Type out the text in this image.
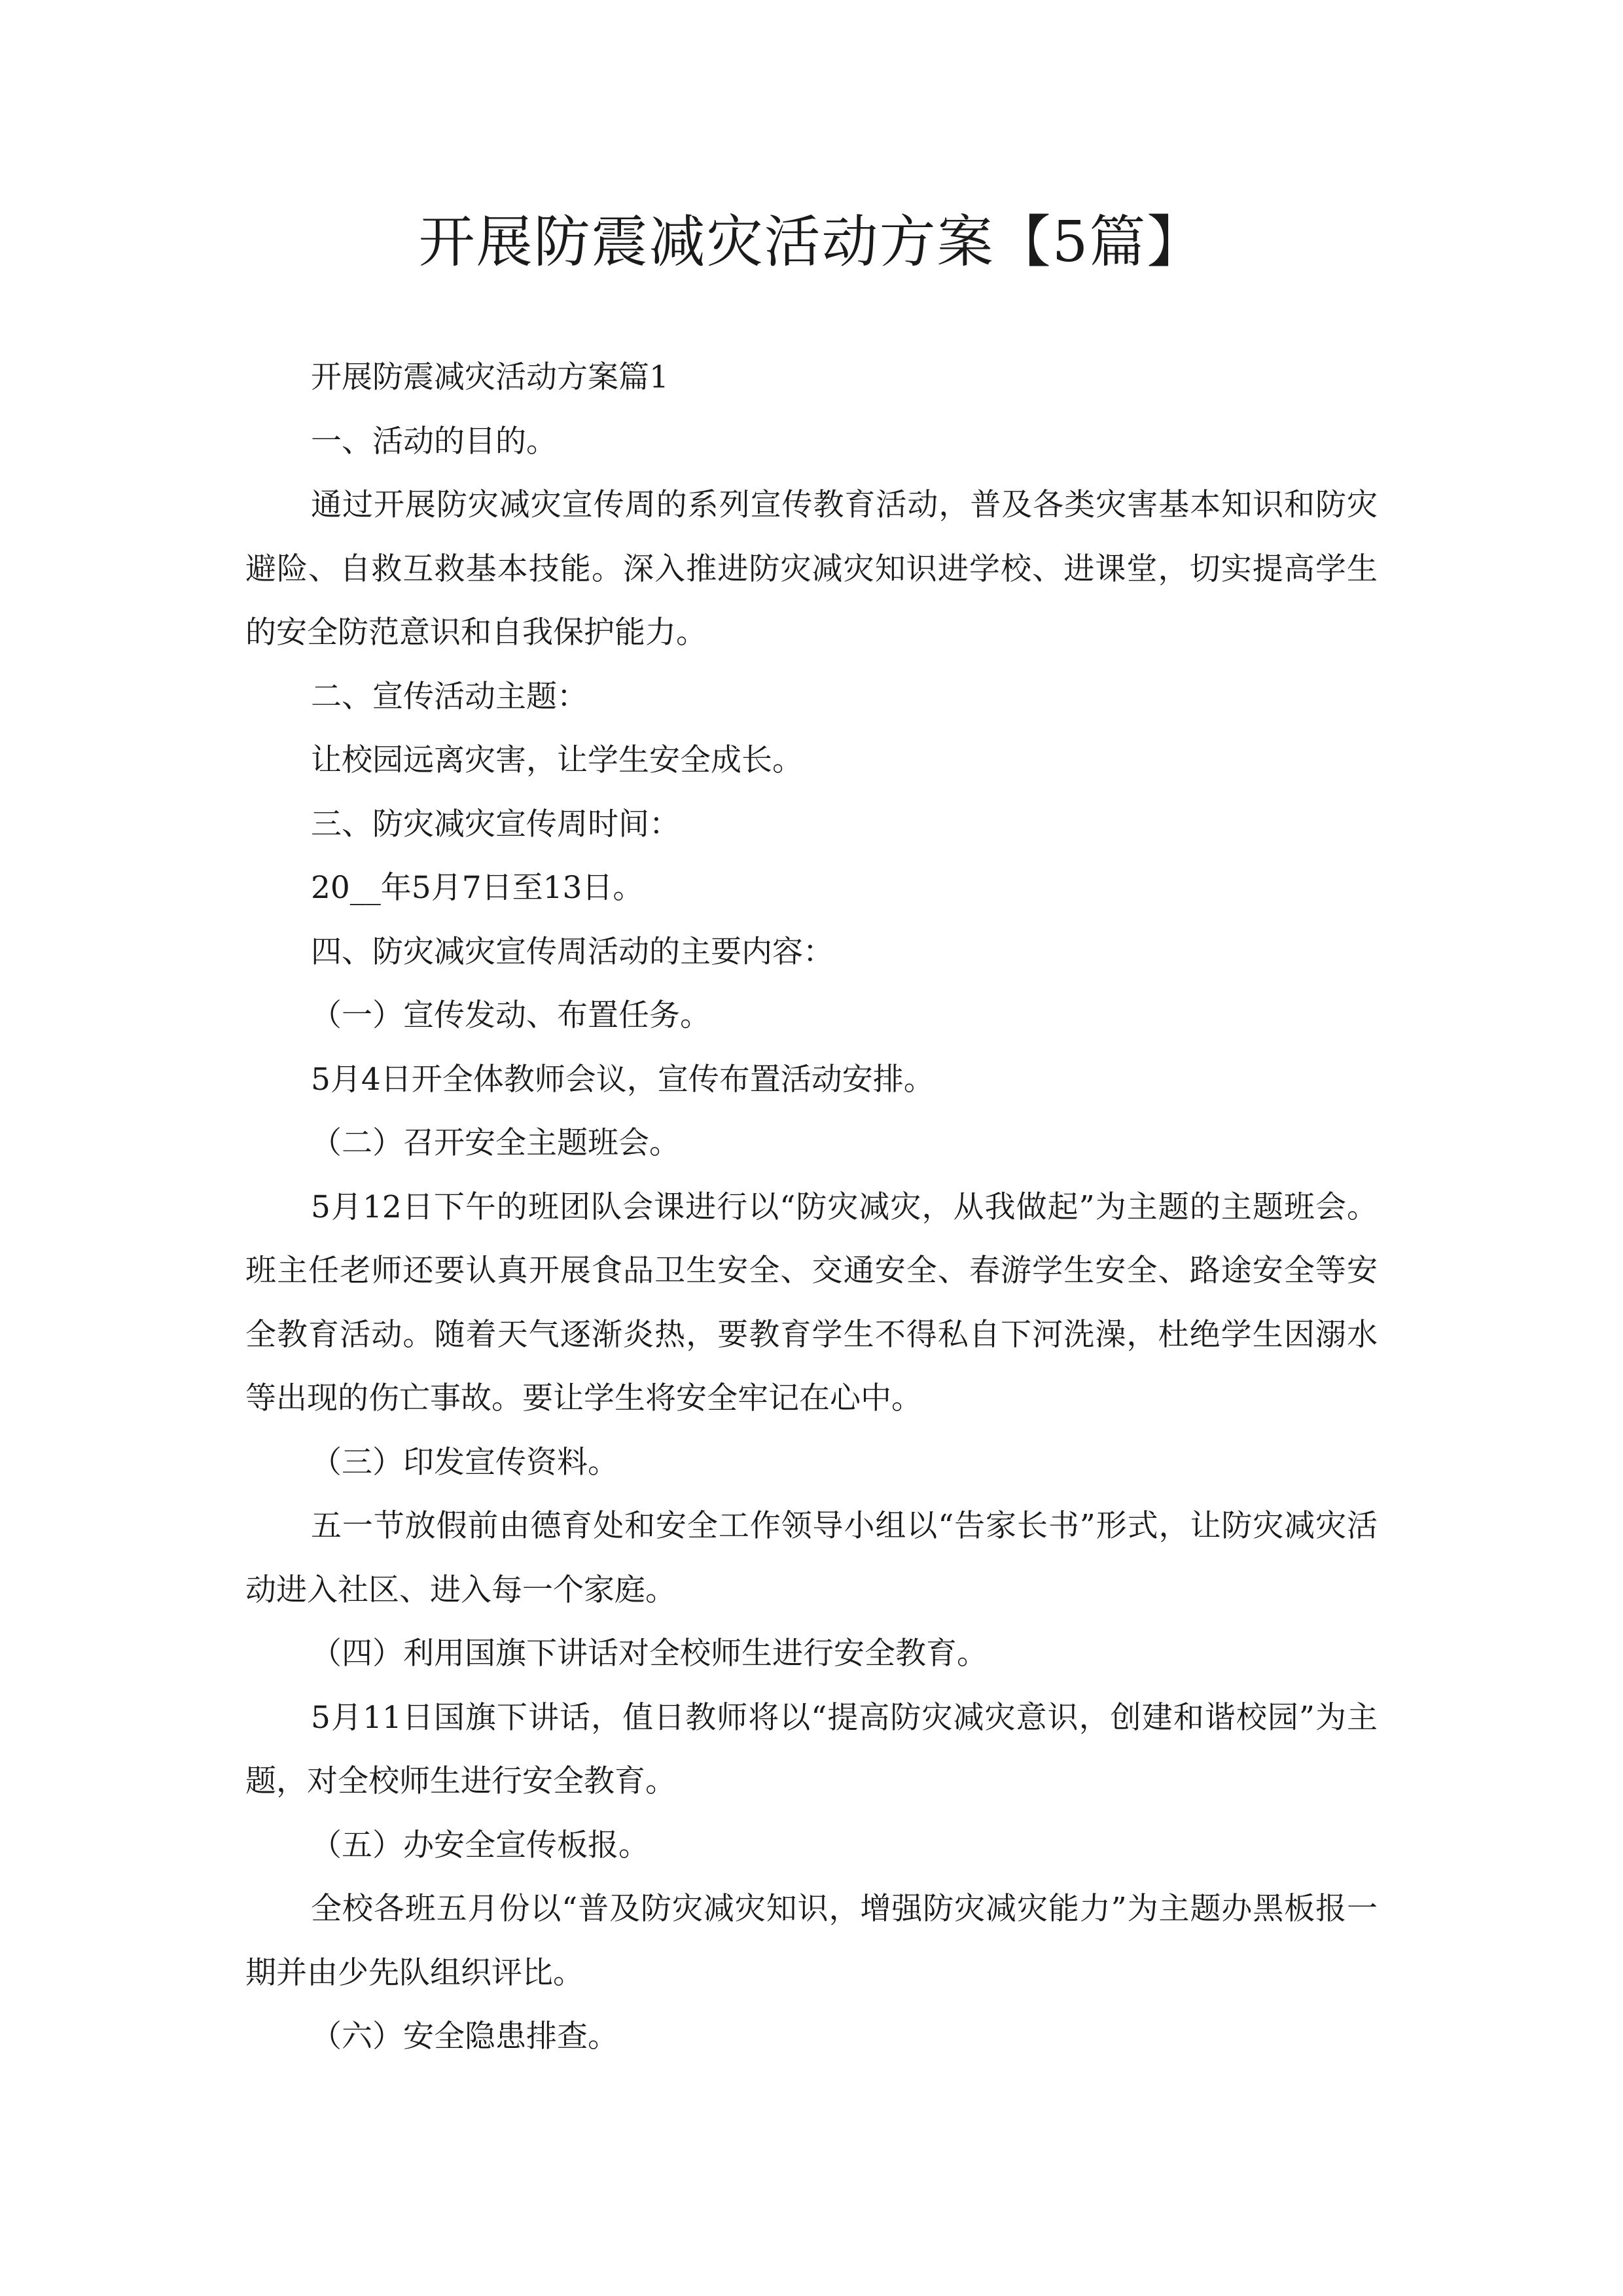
开展防震减灾活动方案【5篇】

开展防震减灾活动方案篇1

一、活动的目的。

通过开展防灾减灾宣传周的系列宣传教育活动，普及各类灾害基本知识和防灾避险、自救互救基本技能。深入推进防灾减灾知识进学校、进课堂，切实提高学生的安全防范意识和自我保护能力。

二、宣传活动主题：

让校园远离灾害，让学生安全成长。

三、防灾减灾宣传周时间：

20__年5月7日至13日。

四、防灾减灾宣传周活动的主要内容：

（一）宣传发动、布置任务。

5月4日开全体教师会议，宣传布置活动安排。

（二）召开安全主题班会。

5月12日下午的班团队会课进行以“防灾减灾，从我做起”为主题的主题班会。班主任老师还要认真开展食品卫生安全、交通安全、春游学生安全、路途安全等安全教育活动。随着天气逐渐炎热，要教育学生不得私自下河洗澡，杜绝学生因溺水等出现的伤亡事故。要让学生将安全牢记在心中。

（三）印发宣传资料。

五一节放假前由德育处和安全工作领导小组以“告家长书”形式，让防灾减灾活动进入社区、进入每一个家庭。

（四）利用国旗下讲话对全校师生进行安全教育。

5月11日国旗下讲话，值日教师将以“提高防灾减灾意识，创建和谐校园”为主题，对全校师生进行安全教育。

（五）办安全宣传板报。

全校各班五月份以“普及防灾减灾知识，增强防灾减灾能力”为主题办黑板报一期并由少先队组织评比。

（六）安全隐患排查。
